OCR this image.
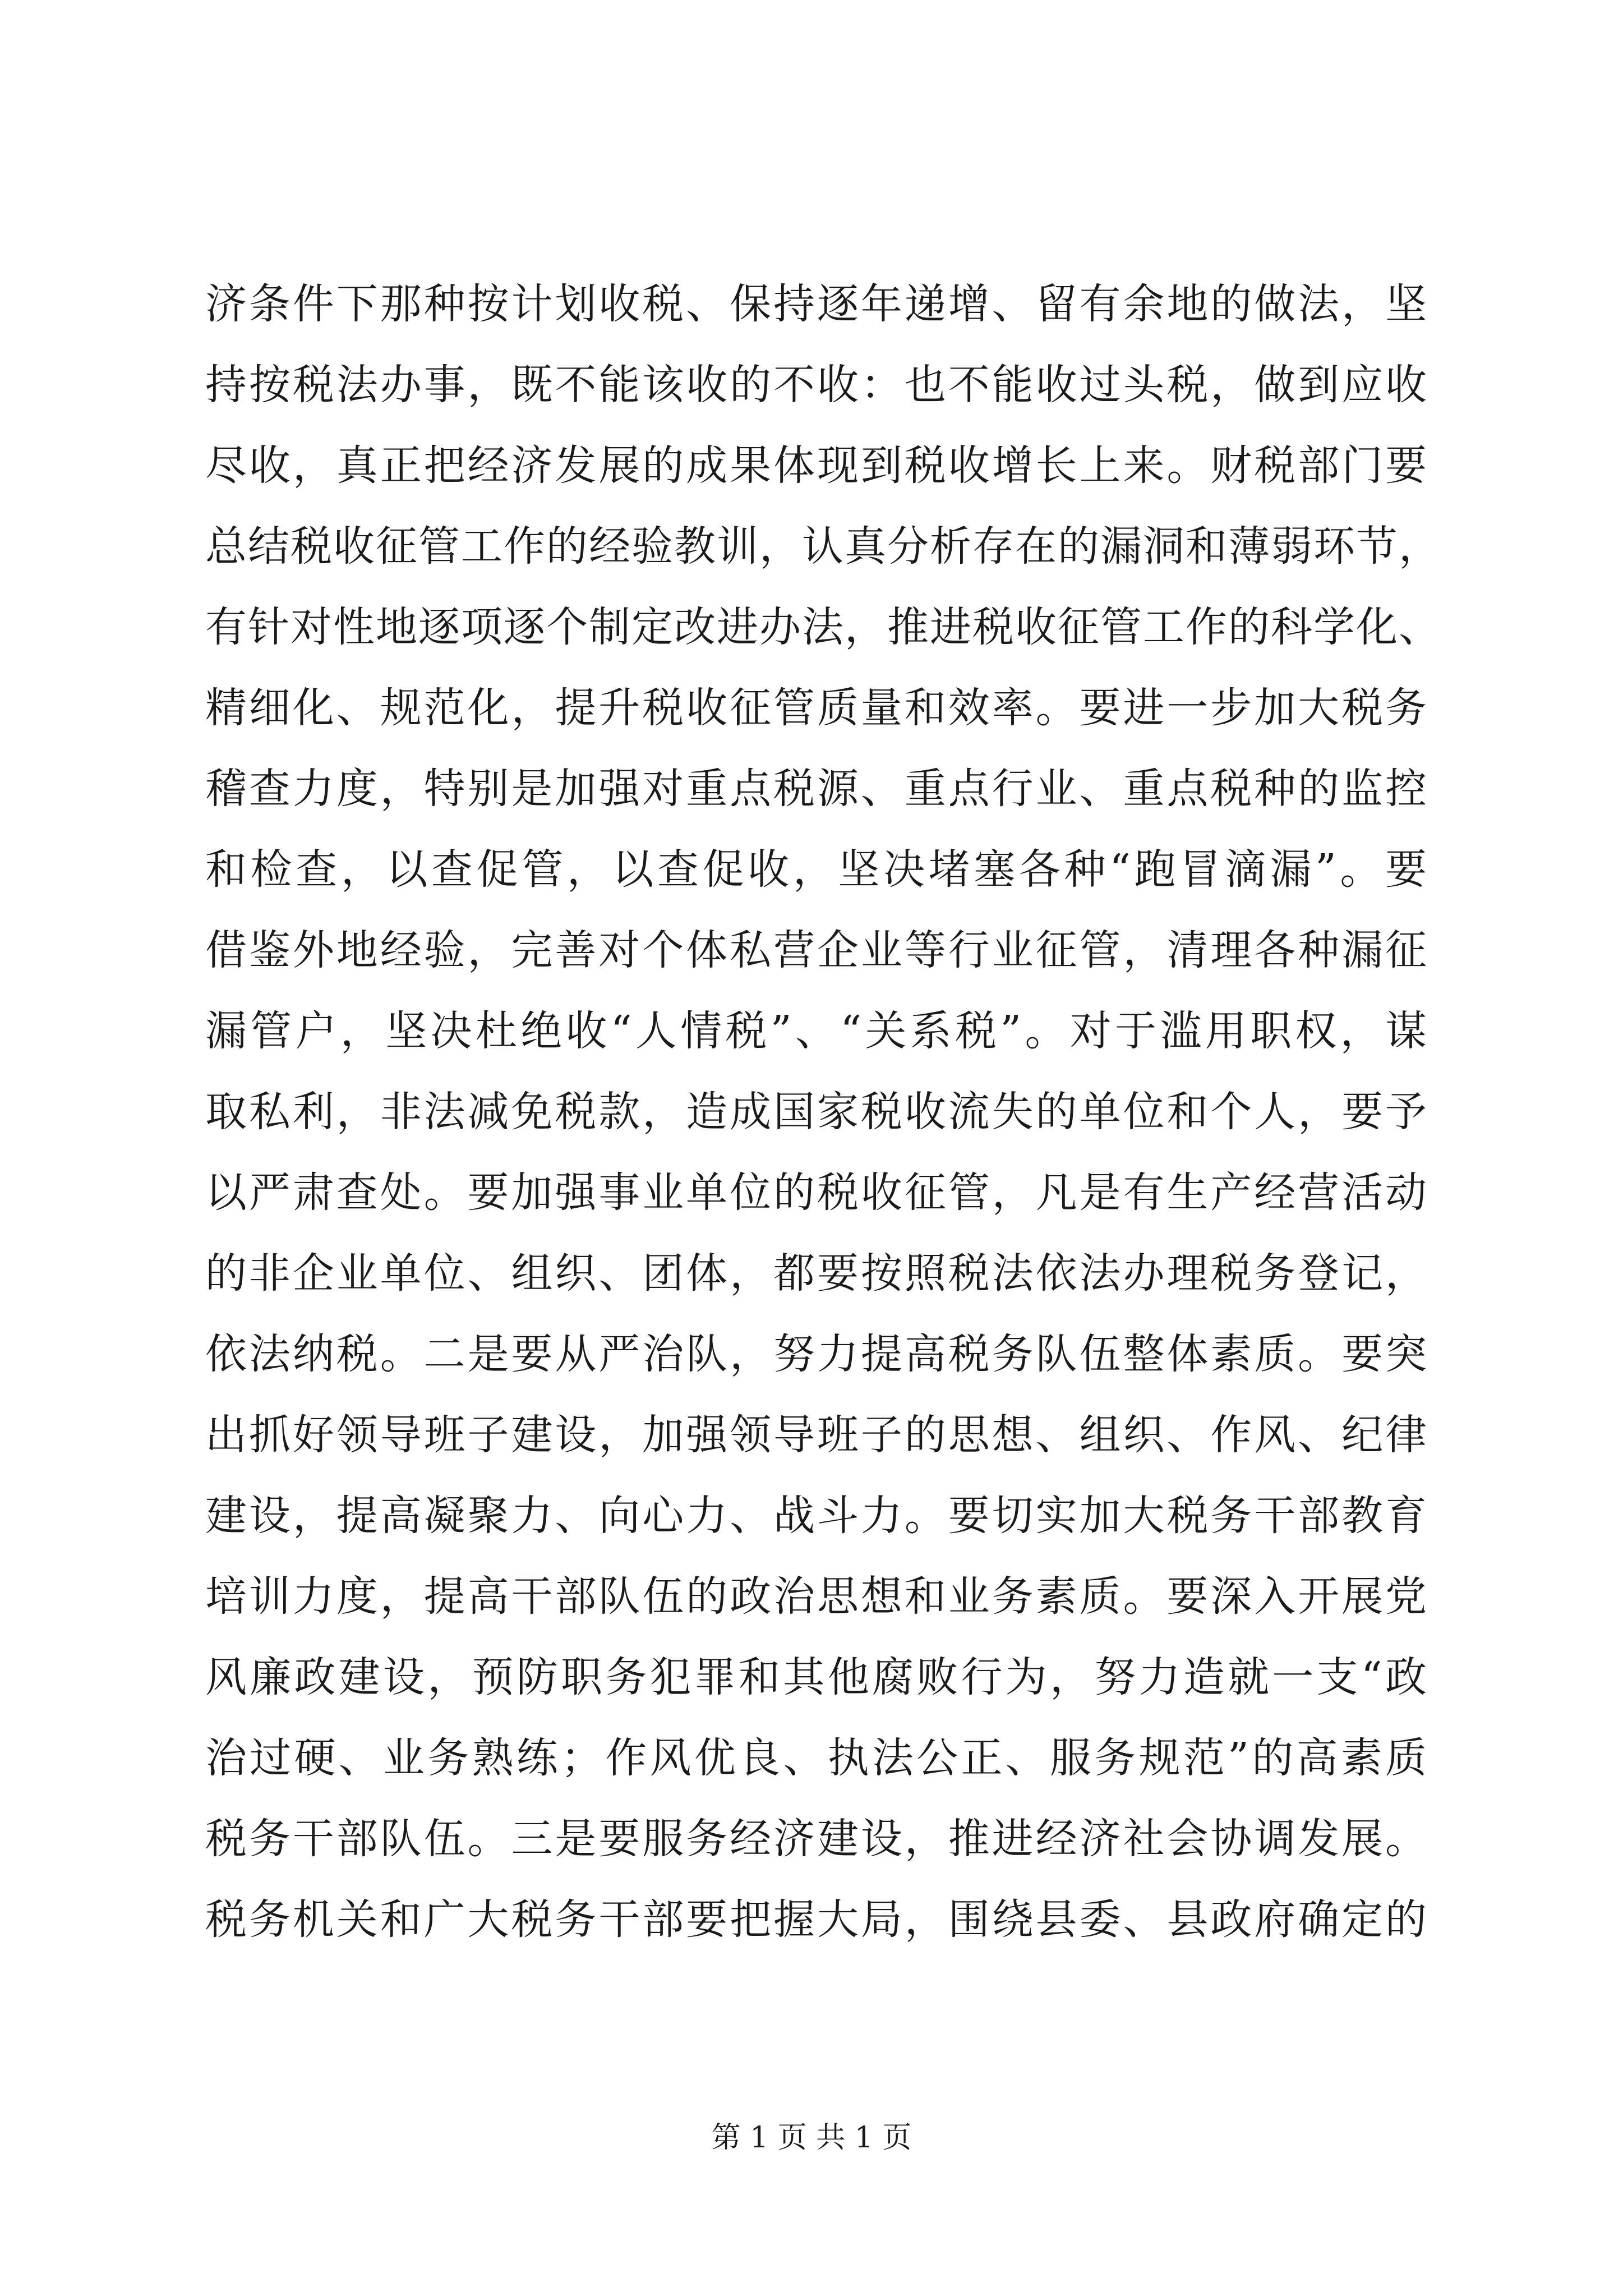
济条件下那种按计划收税、保持逐年递增、留有余地的做法，坚
持按税法办事，既不能该收的不收：也不能收过头税，做到应收
尽收，真正把经济发展的成果体现到税收增长上来。财税部门要
总结税收征管工作的经验教训，认真分析存在的漏洞和薄弱环节，
有针对性地逐项逐个制定改进办法，推进税收征管工作的科学化、
精细化、规范化，提升税收征管质量和效率。要进一步加大税务
稽查力度，特别是加强对重点税源、重点行业、重点税种的监控
和检查，以查促管，以查促收，坚决堵塞各种“跑冒滴漏”。要
借鉴外地经验，完善对个体私营企业等行业征管，清理各种漏征
漏管户，坚决杜绝收“人情税”、“关系税”。对于滥用职权，谋
取私利，非法减免税款，造成国家税收流失的单位和个人，要予
以严肃查处。要加强事业单位的税收征管，凡是有生产经营活动
的非企业单位、组织、团体，都要按照税法依法办理税务登记，
依法纳税。二是要从严治队，努力提高税务队伍整体素质。要突
出抓好领导班子建设，加强领导班子的思想、组织、作风、纪律
建设，提高凝聚力、向心力、战斗力。要切实加大税务干部教育
培训力度，提高干部队伍的政治思想和业务素质。要深入开展党
风廉政建设，预防职务犯罪和其他腐败行为，努力造就一支“政
治过硬、业务熟练；作风优良、执法公正、服务规范”的高素质
税务干部队伍。三是要服务经济建设，推进经济社会协调发展。
税务机关和广大税务干部要把握大局，围绕县委、县政府确定的
第 1 页 共 1 页
